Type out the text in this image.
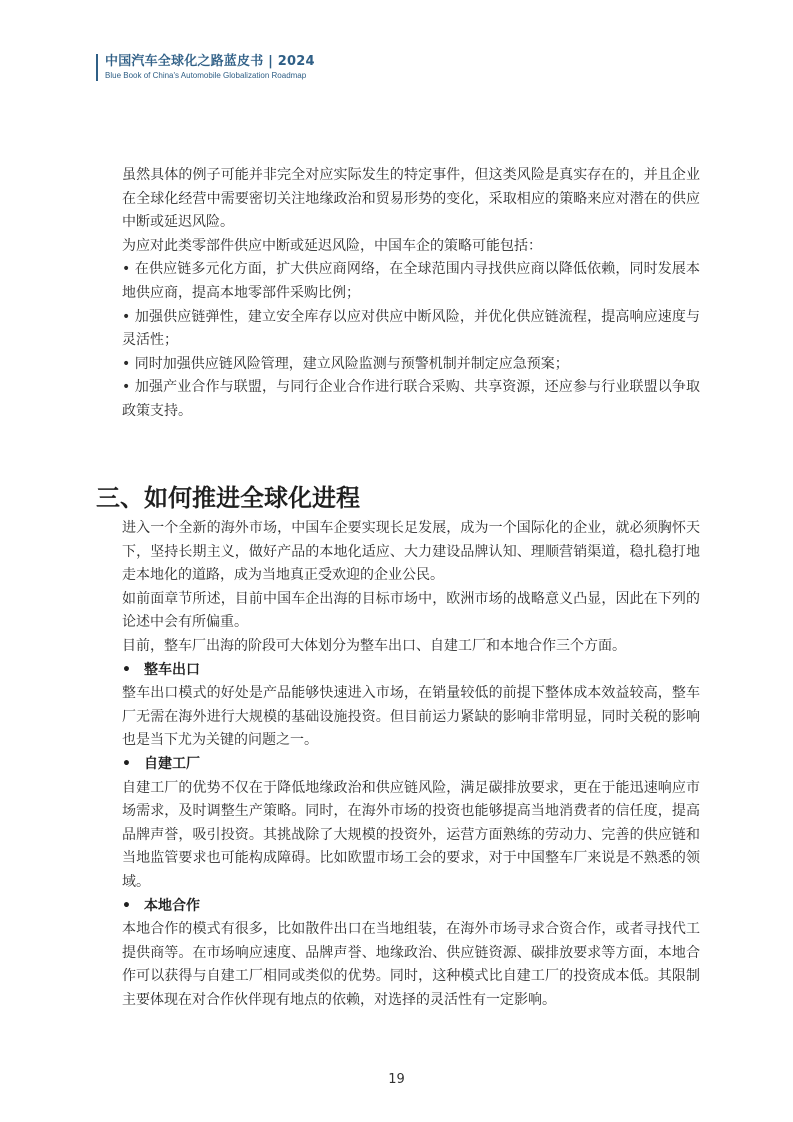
中国汽车全球化之路蓝皮书 | 2024
Blue Book of China's Automobile Globalization Roadmap

虽然具体的例子可能并非完全对应实际发生的特定事件，但这类风险是真实存在的，并且企业在全球化经营中需要密切关注地缘政治和贸易形势的变化，采取相应的策略来应对潜在的供应中断或延迟风险。

为应对此类零部件供应中断或延迟风险，中国车企的策略可能包括：

• 在供应链多元化方面，扩大供应商网络，在全球范围内寻找供应商以降低依赖，同时发展本地供应商，提高本地零部件采购比例；

• 加强供应链弹性，建立安全库存以应对供应中断风险，并优化供应链流程，提高响应速度与灵活性；

• 同时加强供应链风险管理，建立风险监测与预警机制并制定应急预案；

• 加强产业合作与联盟，与同行企业合作进行联合采购、共享资源，还应参与行业联盟以争取政策支持。

三、如何推进全球化进程

进入一个全新的海外市场，中国车企要实现长足发展，成为一个国际化的企业，就必须胸怀天下，坚持长期主义，做好产品的本地化适应、大力建设品牌认知、理顺营销渠道，稳扎稳打地走本地化的道路，成为当地真正受欢迎的企业公民。

如前面章节所述，目前中国车企出海的目标市场中，欧洲市场的战略意义凸显，因此在下列的论述中会有所偏重。

目前，整车厂出海的阶段可大体划分为整车出口、自建工厂和本地合作三个方面。

• 整车出口

整车出口模式的好处是产品能够快速进入市场，在销量较低的前提下整体成本效益较高，整车厂无需在海外进行大规模的基础设施投资。但目前运力紧缺的影响非常明显，同时关税的影响也是当下尤为关键的问题之一。

• 自建工厂

自建工厂的优势不仅在于降低地缘政治和供应链风险，满足碳排放要求，更在于能迅速响应市场需求，及时调整生产策略。同时，在海外市场的投资也能够提高当地消费者的信任度，提高品牌声誉，吸引投资。其挑战除了大规模的投资外，运营方面熟练的劳动力、完善的供应链和当地监管要求也可能构成障碍。比如欧盟市场工会的要求，对于中国整车厂来说是不熟悉的领域。

• 本地合作

本地合作的模式有很多，比如散件出口在当地组装，在海外市场寻求合资合作，或者寻找代工提供商等。在市场响应速度、品牌声誉、地缘政治、供应链资源、碳排放要求等方面，本地合作可以获得与自建工厂相同或类似的优势。同时，这种模式比自建工厂的投资成本低。其限制主要体现在对合作伙伴现有地点的依赖，对选择的灵活性有一定影响。

19
